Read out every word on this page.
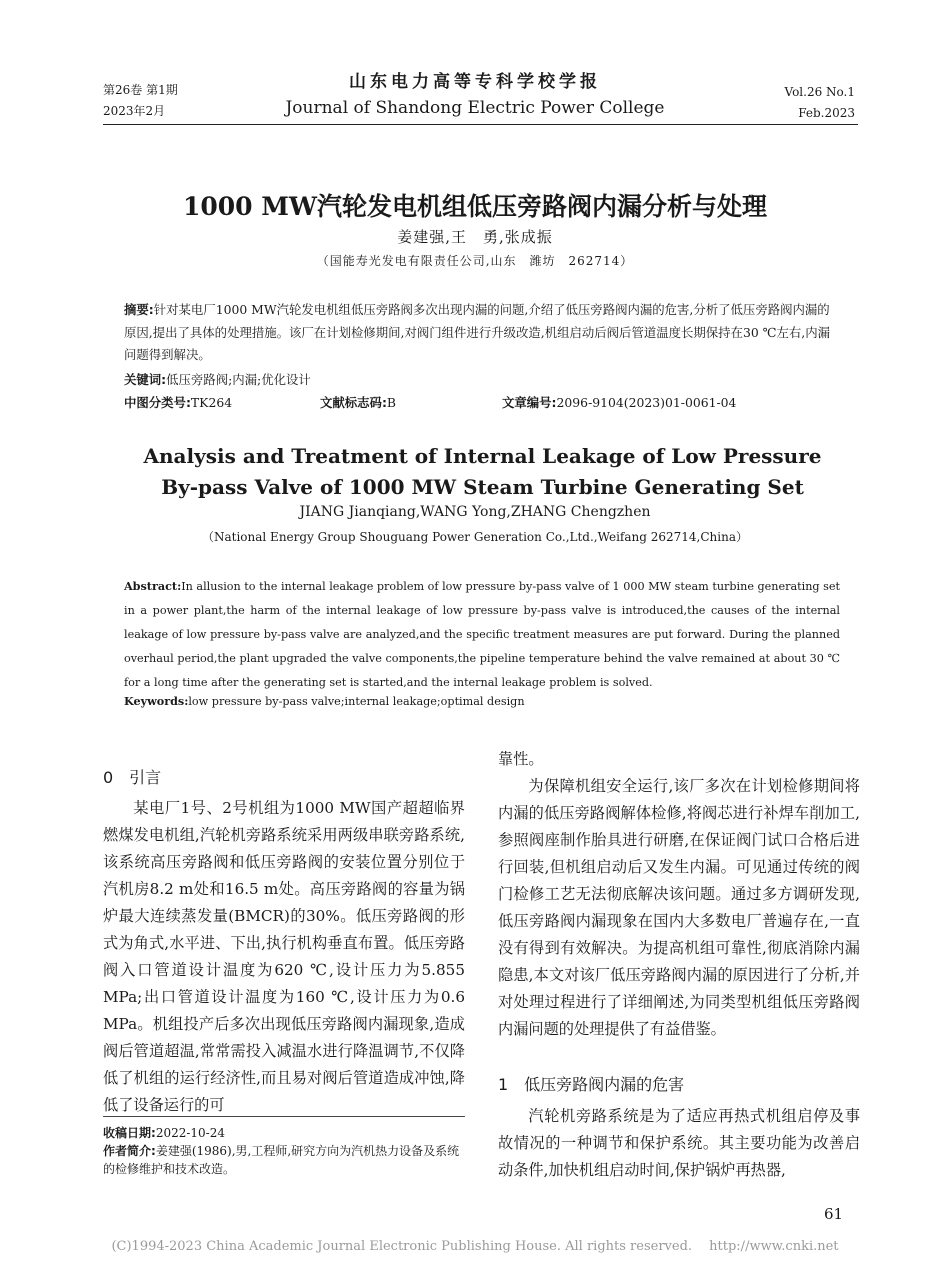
第26卷 第1期
2023年2月
山东电力高等专科学校学报
Journal of Shandong Electric Power College
Vol.26 No.1
Feb.2023
1000 MW汽轮发电机组低压旁路阀内漏分析与处理
姜建强,王　勇,张成振
（国能寿光发电有限责任公司,山东　潍坊　262714）
摘要:针对某电厂1000 MW汽轮发电机组低压旁路阀多次出现内漏的问题,介绍了低压旁路阀内漏的危害,分析了低压旁路阀内漏的原因,提出了具体的处理措施。该厂在计划检修期间,对阀门组件进行升级改造,机组启动后阀后管道温度长期保持在30 ℃左右,内漏问题得到解决。
关键词:低压旁路阀;内漏;优化设计
中图分类号:TK264	文献标志码:B	文章编号:2096-9104(2023)01-0061-04
Analysis and Treatment of Internal Leakage of Low Pressure
By-pass Valve of 1000 MW Steam Turbine Generating Set
JIANG Jianqiang,WANG Yong,ZHANG Chengzhen
（National Energy Group Shouguang Power Generation Co.,Ltd.,Weifang 262714,China）
Abstract:In allusion to the internal leakage problem of low pressure by-pass valve of 1 000 MW steam turbine generating set in a power plant,the harm of the internal leakage of low pressure by-pass valve is introduced,the causes of the internal leakage of low pressure by-pass valve are analyzed,and the specific treatment measures are put forward. During the planned overhaul period,the plant upgraded the valve components,the pipeline temperature behind the valve remained at about 30 ℃ for a long time after the generating set is started,and the internal leakage problem is solved.
Keywords:low pressure by-pass valve;internal leakage;optimal design
0　引言

某电厂1号、2号机组为1000 MW国产超超临界燃煤发电机组,汽轮机旁路系统采用两级串联旁路系统,该系统高压旁路阀和低压旁路阀的安装位置分别位于汽机房8.2 m处和16.5 m处。高压旁路阀的容量为锅炉最大连续蒸发量(BMCR)的30%。低压旁路阀的形式为角式,水平进、下出,执行机构垂直布置。低压旁路阀入口管道设计温度为620 ℃,设计压力为5.855 MPa;出口管道设计温度为160 ℃,设计压力为0.6 MPa。机组投产后多次出现低压旁路阀内漏现象,造成阀后管道超温,常常需投入减温水进行降温调节,不仅降低了机组的运行经济性,而且易对阀后管道造成冲蚀,降低了设备运行的可

靠性。

为保障机组安全运行,该厂多次在计划检修期间将内漏的低压旁路阀解体检修,将阀芯进行补焊车削加工,参照阀座制作胎具进行研磨,在保证阀门试口合格后进行回装,但机组启动后又发生内漏。可见通过传统的阀门检修工艺无法彻底解决该问题。通过多方调研发现,低压旁路阀内漏现象在国内大多数电厂普遍存在,一直没有得到有效解决。为提高机组可靠性,彻底消除内漏隐患,本文对该厂低压旁路阀内漏的原因进行了分析,并对处理过程进行了详细阐述,为同类型机组低压旁路阀内漏问题的处理提供了有益借鉴。

1　低压旁路阀内漏的危害

汽轮机旁路系统是为了适应再热式机组启停及事故情况的一种调节和保护系统。其主要功能为改善启动条件,加快机组启动时间,保护锅炉再热器,

收稿日期:2022-10-24
作者简介:姜建强(1986),男,工程师,研究方向为汽机热力设备及系统的检修维护和技术改造。
61
(C)1994-2023 China Academic Journal Electronic Publishing House. All rights reserved.　 http://www.cnki.net
